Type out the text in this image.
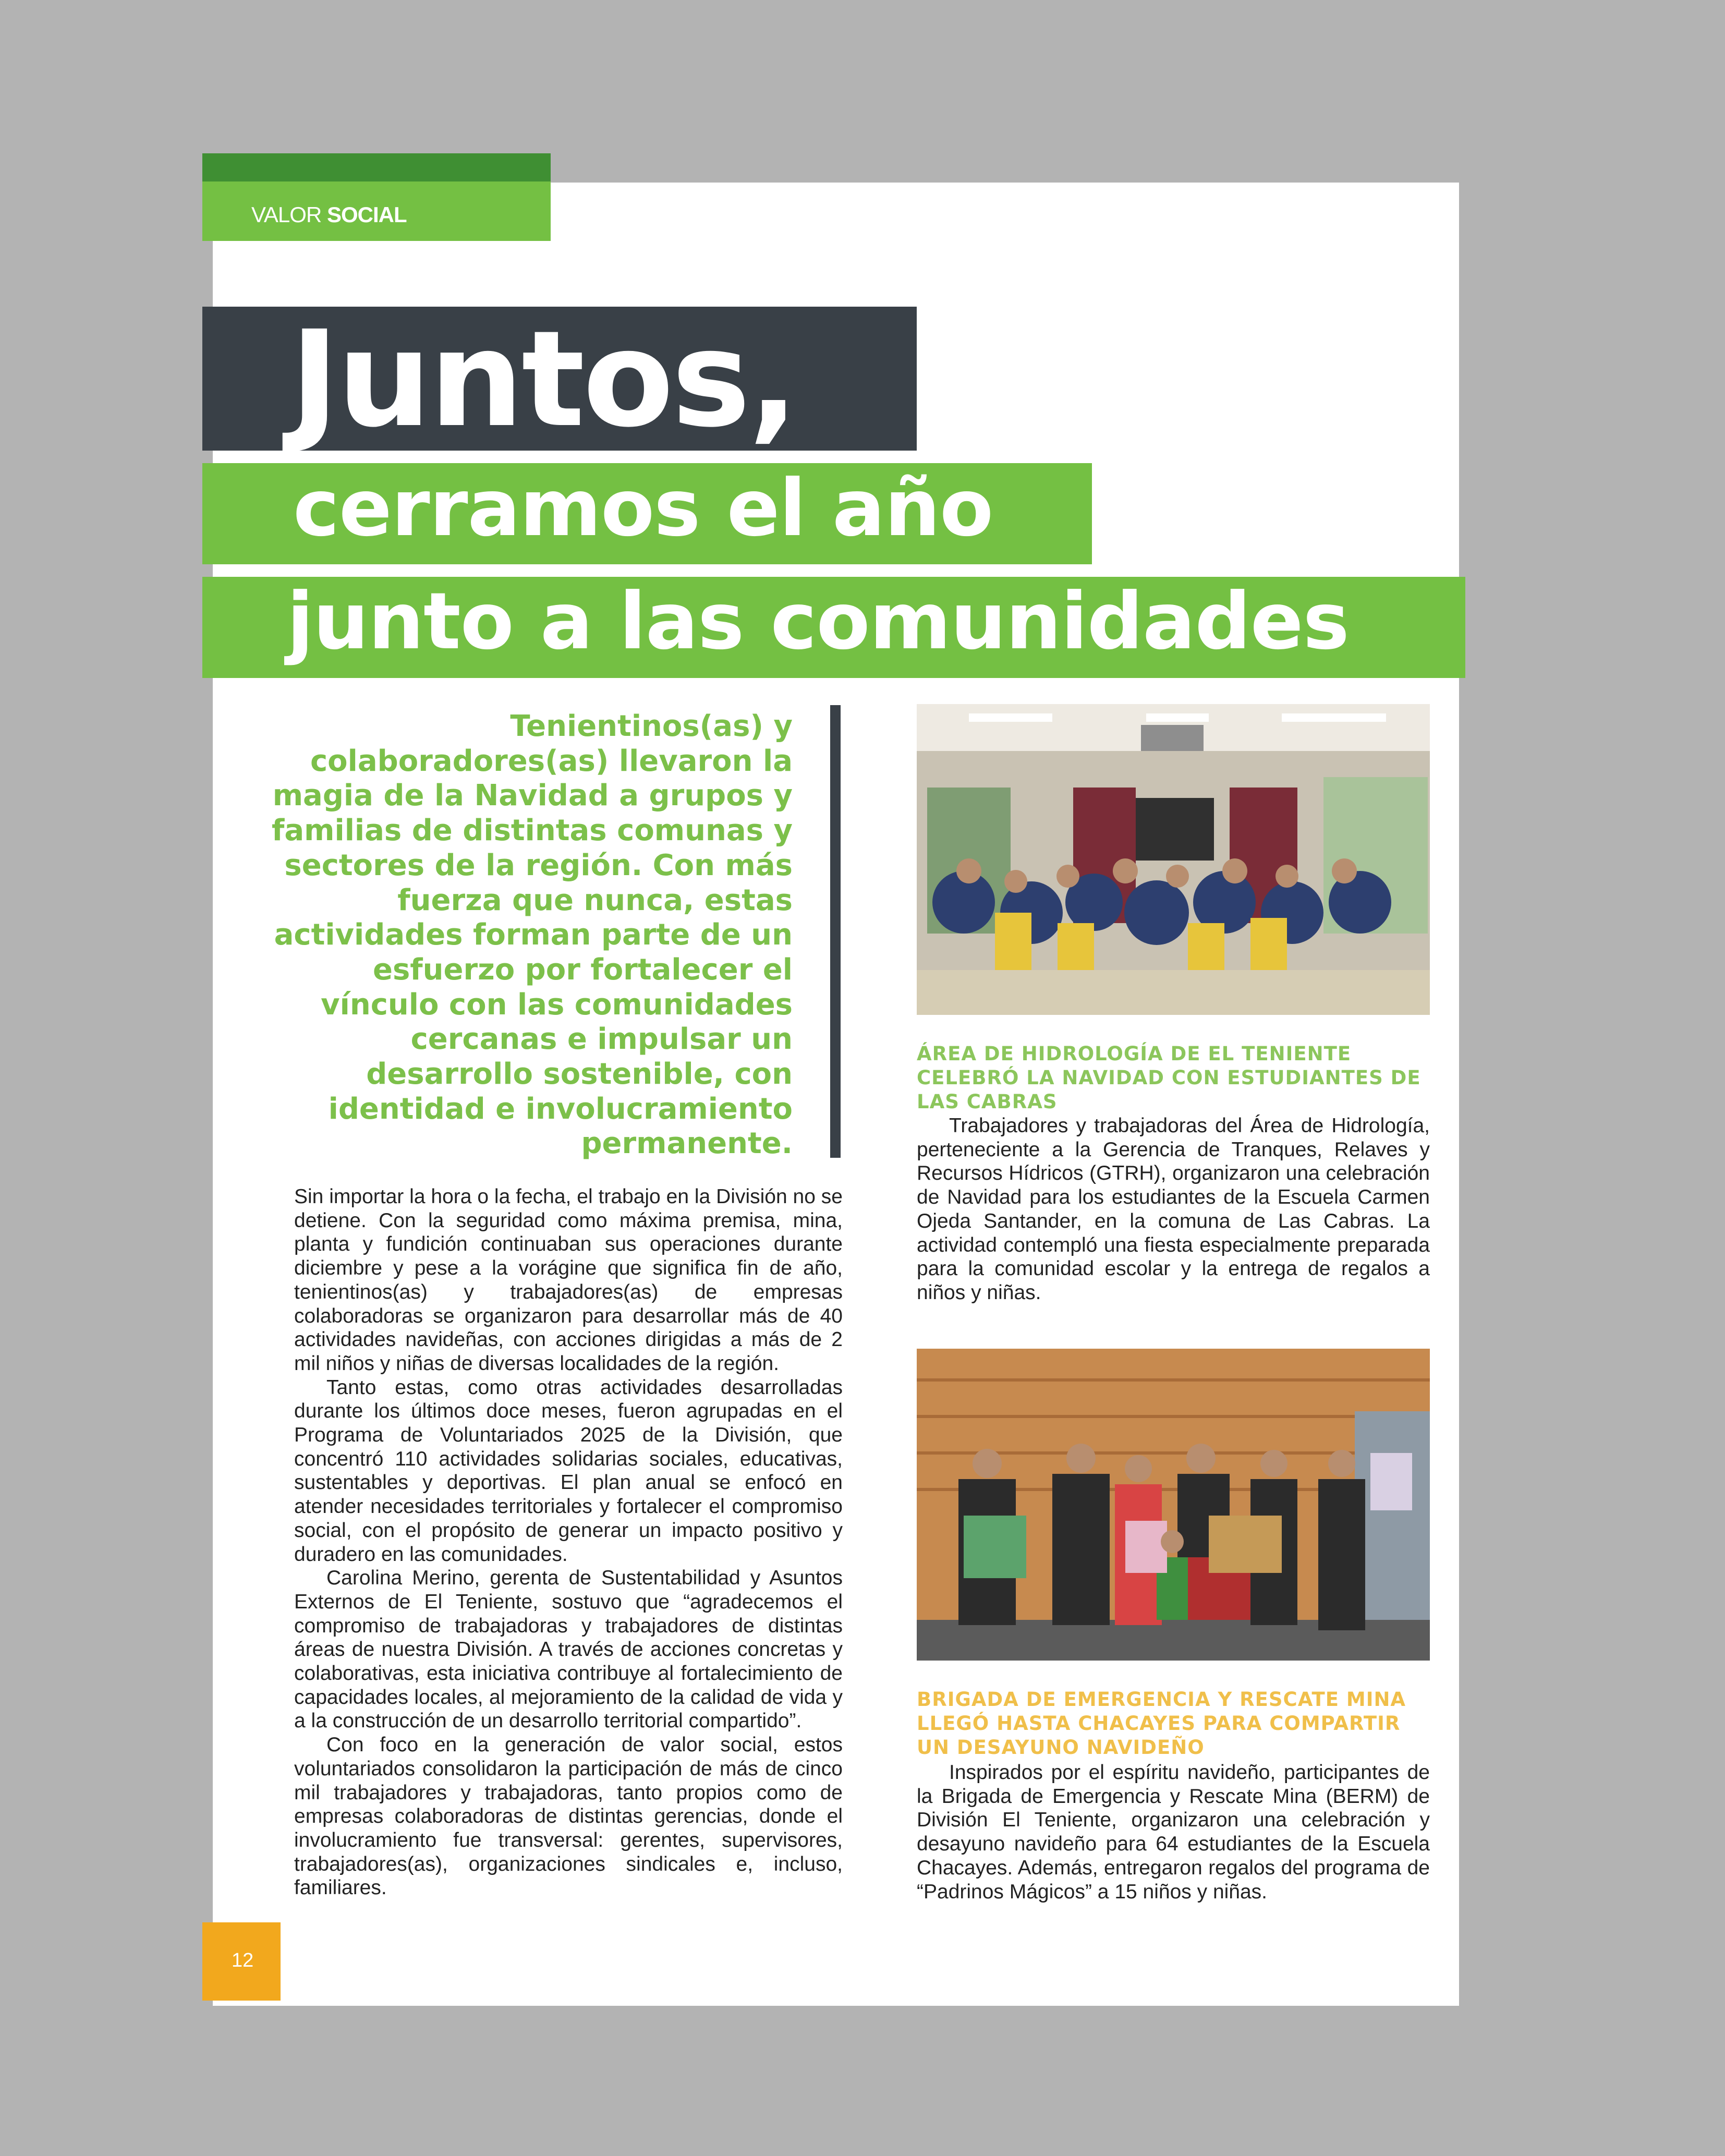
VALOR SOCIAL
Juntos,
cerramos el año
junto a las comunidades
Tenientinos(as) y colaboradores(as) llevaron la magia de la Navidad a grupos y familias de distintas comunas y sectores de la región. Con más fuerza que nunca, estas actividades forman parte de un esfuerzo por fortalecer el vínculo con las comunidades cercanas e impulsar un desarrollo sostenible, con identidad e involucramiento permanente.

Sin importar la hora o la fecha, el trabajo en la División no se detiene. Con la seguridad como máxima premisa, mina, planta y fundición continuaban sus operaciones durante diciembre y pese a la vorágine que significa fin de año, tenientinos(as) y trabajadores(as) de empresas colaboradoras se organizaron para desarrollar más de 40 actividades navideñas, con acciones dirigidas a más de 2 mil niños y niñas de diversas localidades de la región.

Tanto estas, como otras actividades desarrolladas durante los últimos doce meses, fueron agrupadas en el Programa de Voluntariados 2025 de la División, que concentró 110 actividades solidarias sociales, educativas, sustentables y deportivas. El plan anual se enfocó en atender necesidades territoriales y fortalecer el compromiso social, con el propósito de generar un impacto positivo y duradero en las comunidades.

Carolina Merino, gerenta de Sustentabilidad y Asuntos Externos de El Teniente, sostuvo que “agradecemos el compromiso de trabajadoras y trabajadores de distintas áreas de nuestra División. A través de acciones concretas y colaborativas, esta iniciativa contribuye al fortalecimiento de capacidades locales, al mejoramiento de la calidad de vida y a la construcción de un desarrollo territorial compartido”.

Con foco en la generación de valor social, estos voluntariados consolidaron la participación de más de cinco mil trabajadores y trabajadoras, tanto propios como de empresas colaboradoras de distintas gerencias, donde el involucramiento fue transversal: gerentes, supervisores, trabajadores(as), organizaciones sindicales e, incluso, familiares.

ÁREA DE HIDROLOGÍA DE EL TENIENTE CELEBRÓ LA NAVIDAD CON ESTUDIANTES DE LAS CABRAS

Trabajadores y trabajadoras del Área de Hidrología, perteneciente a la Gerencia de Tranques, Relaves y Recursos Hídricos (GTRH), organizaron una celebración de Navidad para los estudiantes de la Escuela Carmen Ojeda Santander, en la comuna de Las Cabras. La actividad contempló una fiesta especialmente preparada para la comunidad escolar y la entrega de regalos a niños y niñas.

BRIGADA DE EMERGENCIA Y RESCATE MINA LLEGÓ HASTA CHACAYES PARA COMPARTIR UN DESAYUNO NAVIDEÑO

Inspirados por el espíritu navideño, participantes de la Brigada de Emergencia y Rescate Mina (BERM) de División El Teniente, organizaron una celebración y desayuno navideño para 64 estudiantes de la Escuela Chacayes. Además, entregaron regalos del programa de “Padrinos Mágicos” a 15 niños y niñas.

12
